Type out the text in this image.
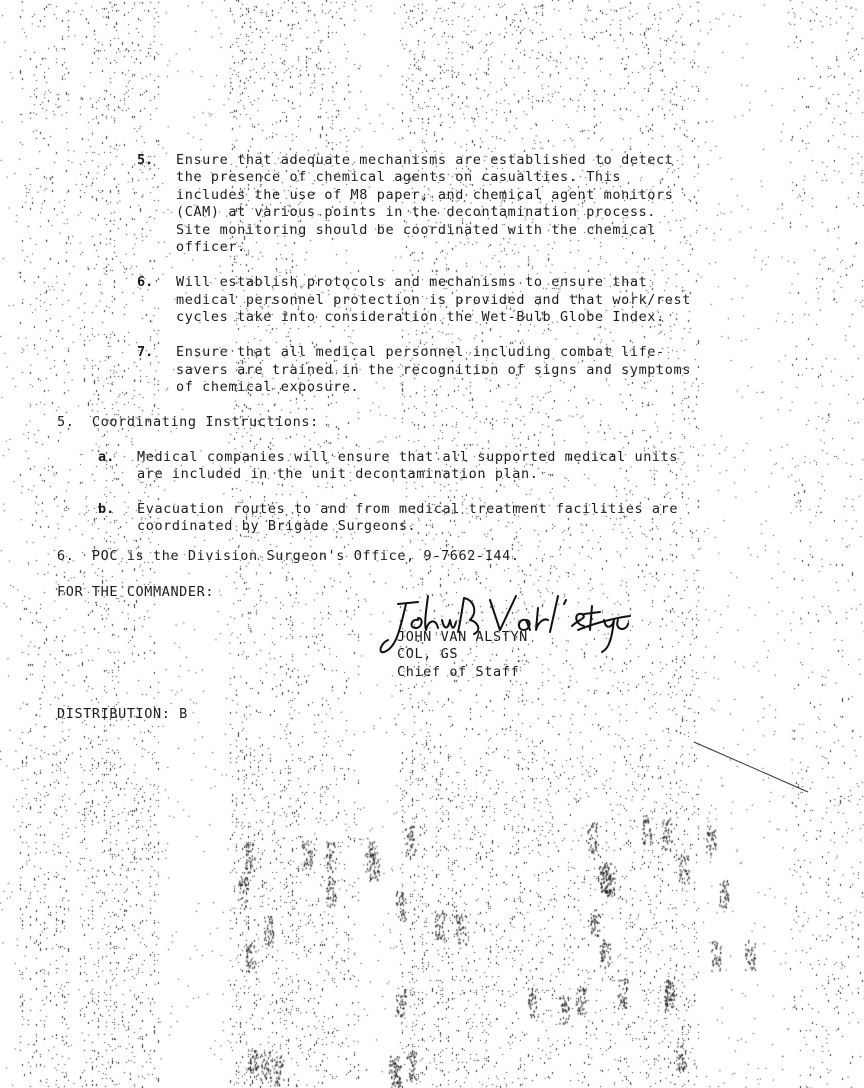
5. Ensure that adequate mechanisms are established to detect
the presence of chemical agents on casualties. This
includes the use of M8 paper, and chemical agent monitors
(CAM) at various points in the decontamination process.
Site monitoring should be coordinated with the chemical
officer.
6. Will establish protocols and mechanisms to ensure that
medical personnel protection is provided and that work/rest
cycles take into consideration the Wet-Bulb Globe Index.
7. Ensure that all medical personnel including combat life-
savers are trained in the recognition of signs and symptoms
of chemical exposure.
5.  Coordinating Instructions:
a. Medical companies will ensure that all supported medical units
are included in the unit decontamination plan.
b. Evacuation routes to and from medical treatment facilities are
coordinated by Brigade Surgeons.
6.  POC is the Division Surgeon's Office, 9-7662-144.
FOR THE COMMANDER:
JOHN VAN ALSTYN
COL, GS
Chief of Staff
DISTRIBUTION: B
